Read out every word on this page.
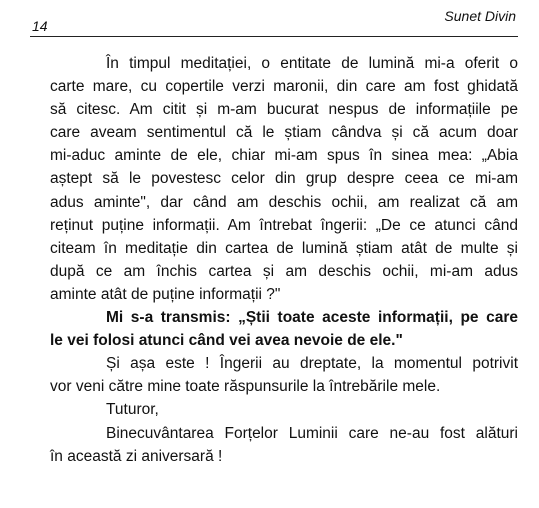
14
Sunet Divin
În timpul meditației, o entitate de lumină mi-a oferit o
carte mare, cu copertile verzi maronii, din care am fost ghidată
să citesc. Am citit și m-am bucurat nespus de informațiile pe
care aveam sentimentul că le știam cândva și că acum doar
mi-aduc aminte de ele, chiar mi-am spus în sinea mea: „Abia
aștept să le povestesc celor din grup despre ceea ce mi-am
adus aminte", dar când am deschis ochii, am realizat că am
reținut puține informații. Am întrebat îngerii: „De ce atunci când
citeam în meditație din cartea de lumină știam atât de multe și
după ce am închis cartea și am deschis ochii, mi-am adus
aminte atât de puține informații ?"
Mi s-a transmis: „Știi toate aceste informații, pe care
le vei folosi atunci când vei avea nevoie de ele."
Și așa este ! Îngerii au dreptate, la momentul potrivit
vor veni către mine toate răspunsurile la întrebările mele.
Tuturor,
Binecuvântarea Forțelor Luminii care ne-au fost alături
în această zi aniversară !
